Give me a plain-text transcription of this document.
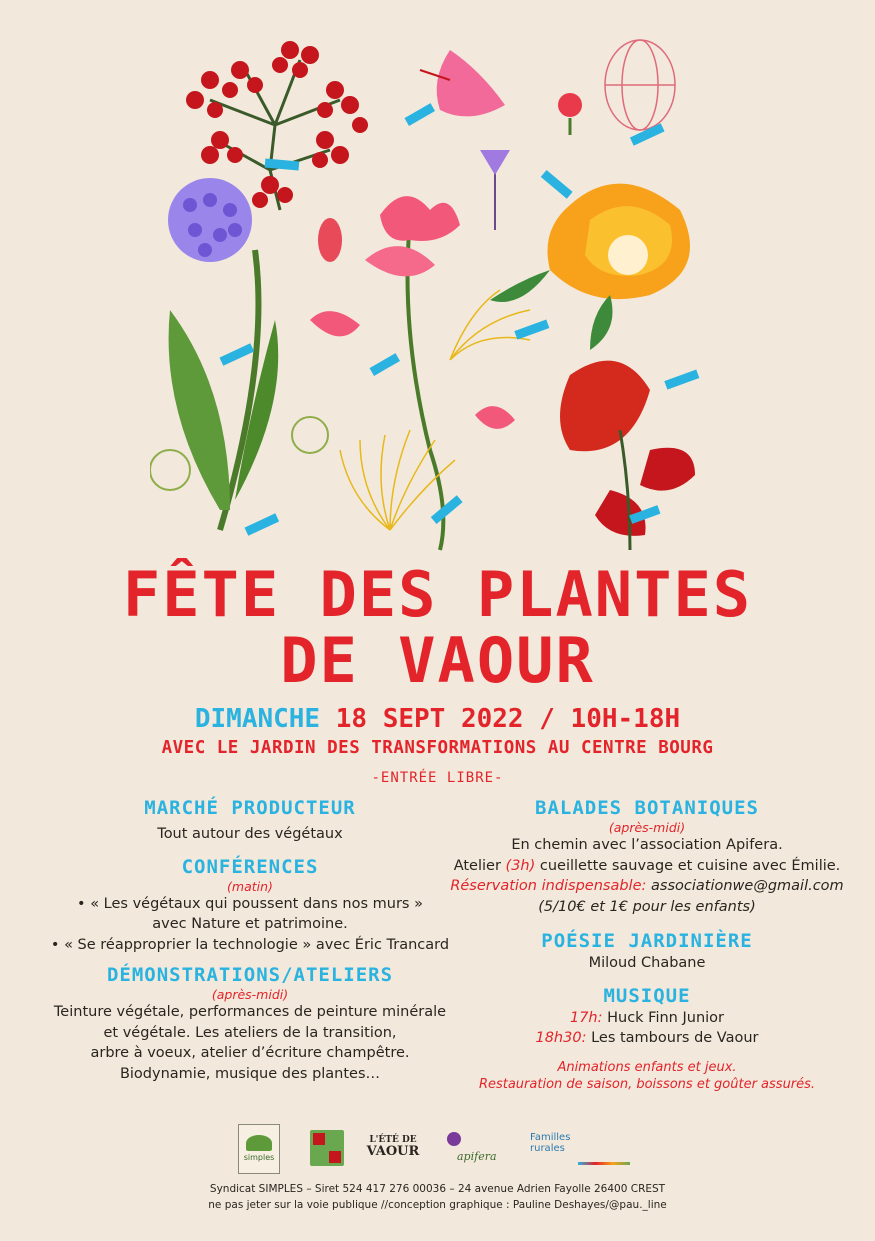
FÊTE DES PLANTES
DE VAOUR
DIMANCHE 18 SEPT 2022 / 10H-18H
AVEC LE JARDIN DES TRANSFORMATIONS AU CENTRE BOURG
-ENTRÉE LIBRE-
MARCHÉ PRODUCTEUR
Tout autour des végétaux
CONFÉRENCES
(matin)
• « Les végétaux qui poussent dans nos murs »
avec Nature et patrimoine.
• « Se réapproprier la technologie » avec Éric Trancard
DÉMONSTRATIONS/ATELIERS
(après-midi)
Teinture végétale, performances de peinture minérale
et végétale. Les ateliers de la transition,
arbre à voeux, atelier d’écriture champêtre.
Biodynamie, musique des plantes…
BALADES BOTANIQUES
(après-midi)
En chemin avec l’association Apifera.
Atelier (3h) cueillette sauvage et cuisine avec Émilie.
Réservation indispensable: associationwe@gmail.com
(5/10€ et 1€ pour les enfants)
POÉSIE JARDINIÈRE
Miloud Chabane
MUSIQUE
17h: Huck Finn Junior
18h30: Les tambours de Vaour
Animations enfants et jeux.
Restauration de saison, boissons et goûter assurés.
simples
L'ÉTÉ DE
VAOUR	apifera
Familles
rurales
Syndicat SIMPLES – Siret 524 417 276 00036 – 24 avenue Adrien Fayolle 26400 CREST
ne pas jeter sur la voie publique //conception graphique : Pauline Deshayes/@pau._line
